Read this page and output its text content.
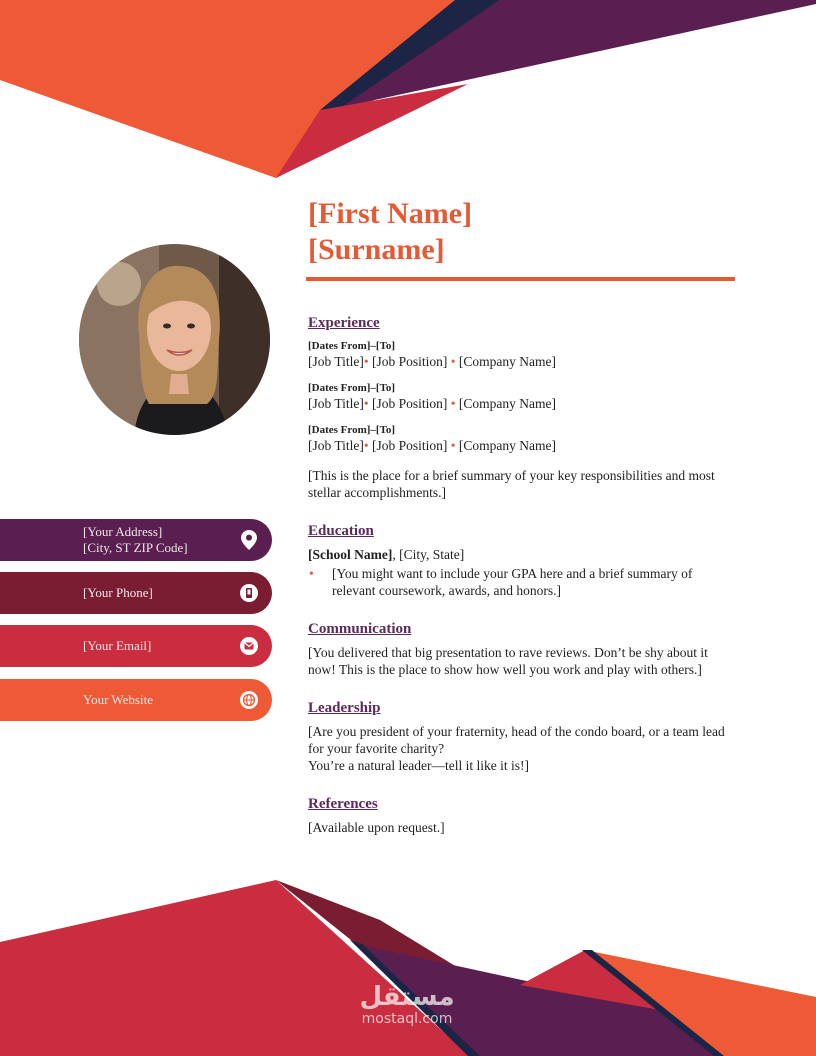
[First Name]
[Surname]
Experience
[Dates From]–[To]
[Job Title]• [Job Position] • [Company Name]
[Dates From]–[To]
[Job Title]• [Job Position] • [Company Name]
[Dates From]–[To]
[Job Title]• [Job Position] • [Company Name]
[This is the place for a brief summary of your key responsibilities and most stellar accomplishments.]
Education
[School Name], [City, State]
• [You might want to include your GPA here and a brief summary of relevant coursework, awards, and honors.]
Communication
[You delivered that big presentation to rave reviews. Don’t be shy about it now! This is the place to show how well you work and play with others.]
Leadership
[Are you president of your fraternity, head of the condo board, or a team lead for your favorite charity?
You’re a natural leader—tell it like it is!]
References
[Available upon request.]
[Your Address]
[City, ST ZIP Code]
[Your Phone]
[Your Email]
Your Website
مستقل
mostaql.com
